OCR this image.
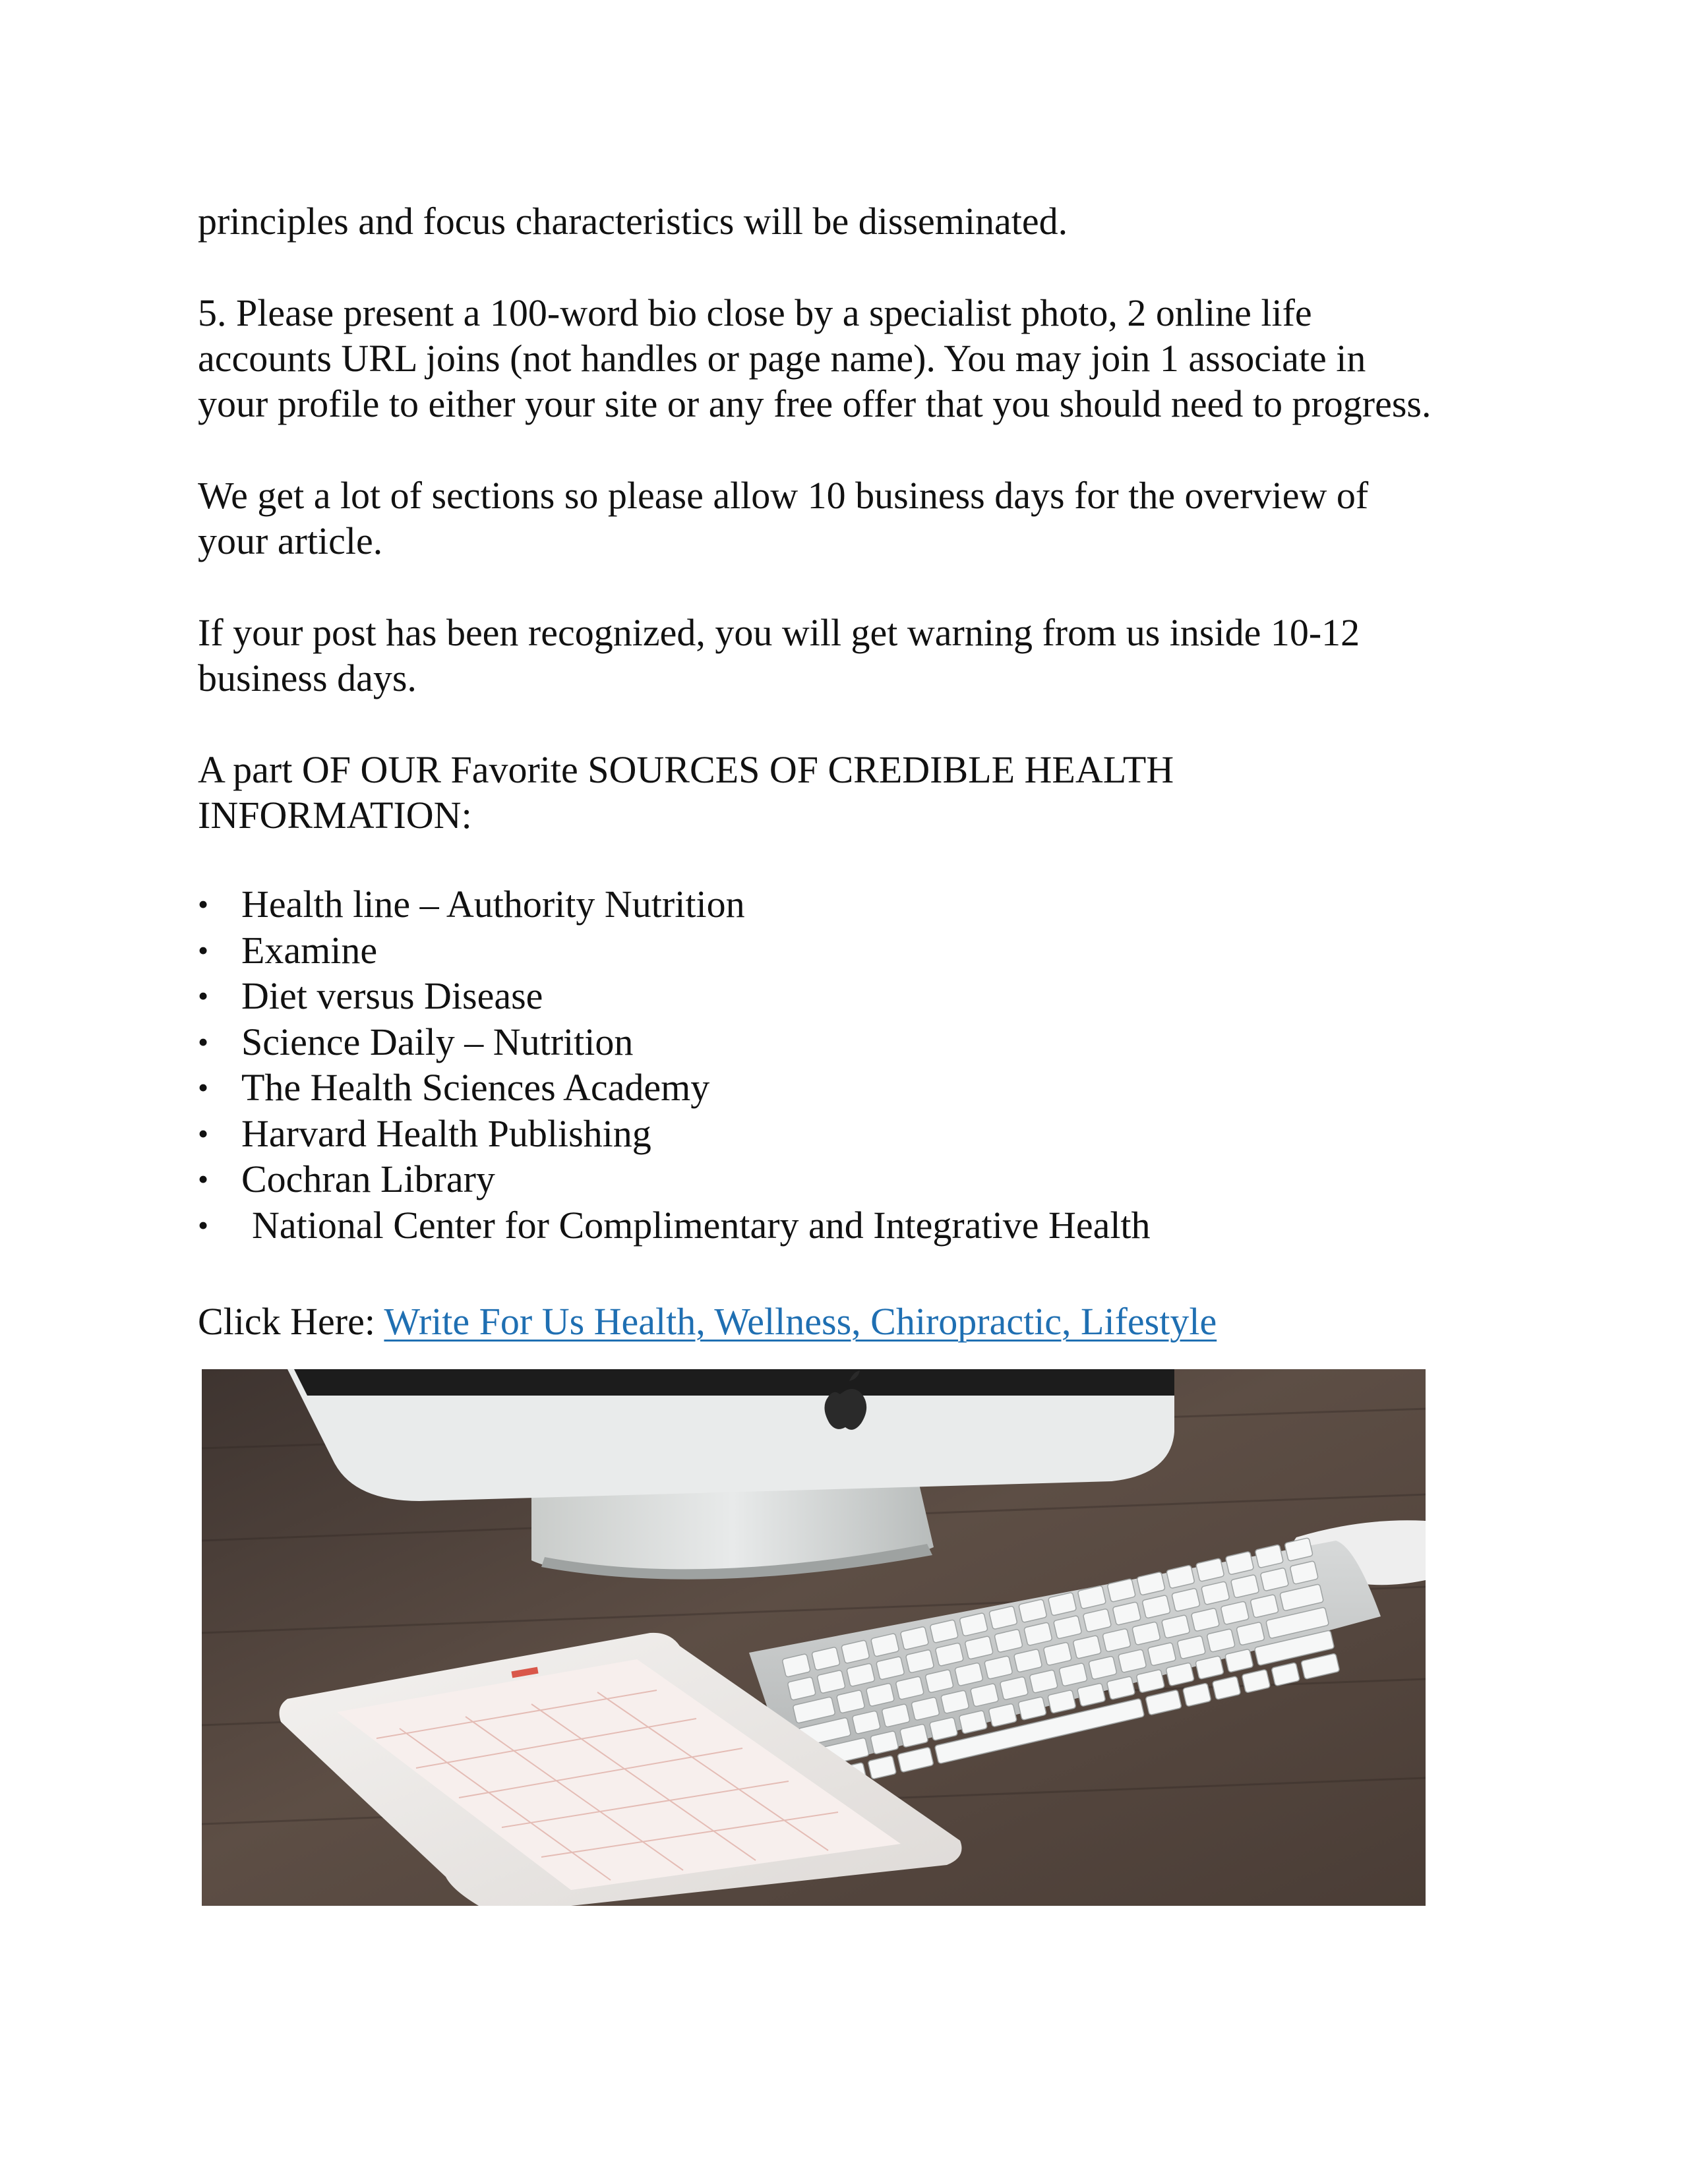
principles and focus characteristics will be disseminated.
5. Please present a 100-word bio close by a specialist photo, 2 online life
accounts URL joins (not handles or page name). You may join 1 associate in
your profile to either your site or any free offer that you should need to progress.
We get a lot of sections so please allow 10 business days for the overview of
your article.
If your post has been recognized, you will get warning from us inside 10-12
business days.
A part OF OUR Favorite SOURCES OF CREDIBLE HEALTH
INFORMATION:
• Health line – Authority Nutrition
• Examine
• Diet versus Disease
• Science Daily – Nutrition
• The Health Sciences Academy
• Harvard Health Publishing
• Cochran Library
• National Center for Complimentary and Integrative Health
Click Here: Write For Us Health, Wellness, Chiropractic, Lifestyle
